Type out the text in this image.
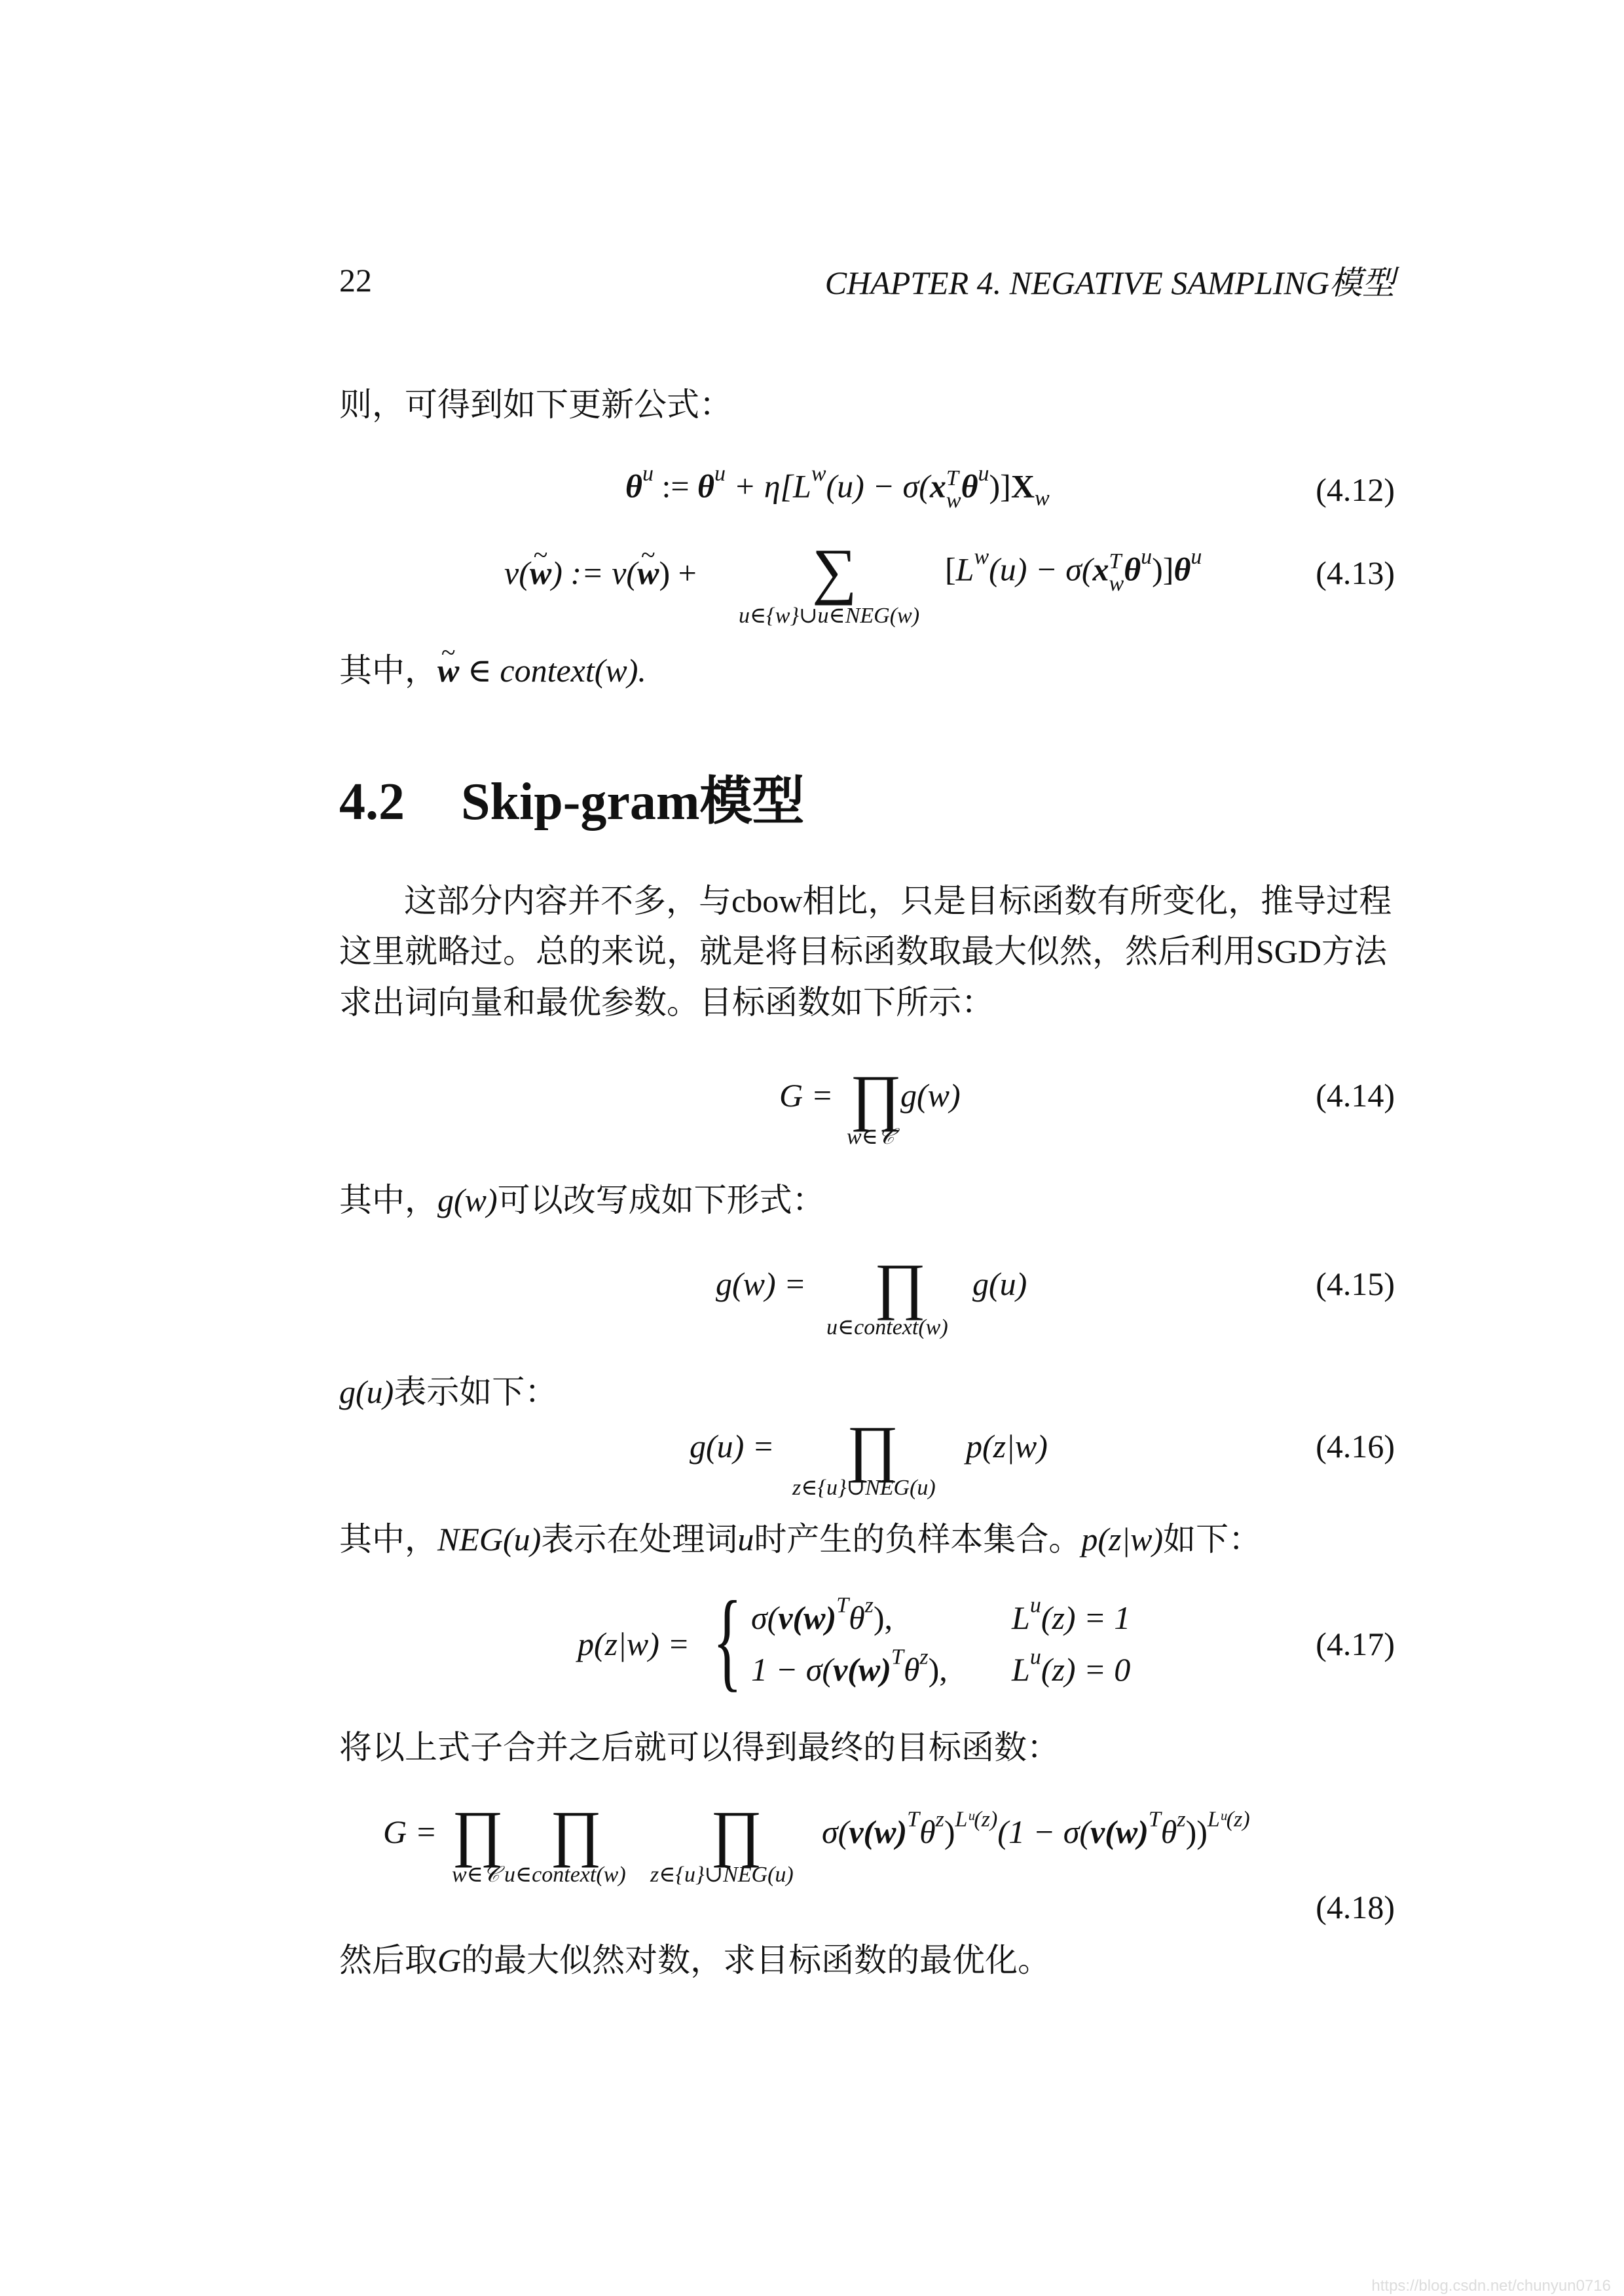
22	CHAPTER 4. NEGATIVE SAMPLING模型
则，可得到如下更新公式：
$\theta^u$ := $\theta^u + \eta[L^w(u) - \sigma(x$ T
w $\theta^u)]X_w$	(4.12)
v(~ w) := v(~ w) + ∑
u∈{w}∪u∈NEG(w)
[$L^w(u) - \sigma(x$ T
w $\theta^u)]\theta^u$	(4.13)
其中，~ w ∈ context(w).
4.2 Skip-gram模型
这部分内容并不多，与cbow相比，只是目标函数有所变化，推导过程
这里就略过。总的来说，就是将目标函数取最大似然，然后利用SGD方法
求出词向量和最优参数。目标函数如下所示：
G = ∏
w∈𝒞
g(w)	(4.14)
其中，g(w)可以改写成如下形式：
g(w) = ∏
u∈context(w)
g(u)	(4.15)
g(u)表示如下：
g(u) = ∏
z∈{u}∪NEG(u)
p(z|w)	(4.16)
其中，NEG(u)表示在处理词u时产生的负样本集合。p(z|w)如下：
p(z|w) = { $\sigma(v(w)^T\theta^z)$,	$L^u(z) = 1$
$1 - \sigma(v(w)^T\theta^z)$, $L^u(z) = 0$
(4.17)
将以上式子合并之后就可以得到最终的目标函数：
G = ∏ ∏ ∏
w∈𝒞 u∈context(w) z∈{u}∪NEG(u)
$\sigma(v(w)^T\theta^z)^{Lᵘ(z)}(1 - \sigma(v(w)^T\theta^z))^{Lᵘ(z)}$
(4.18)
然后取G的最大似然对数，求目标函数的最优化。
https://blog.csdn.net/chunyun0716
